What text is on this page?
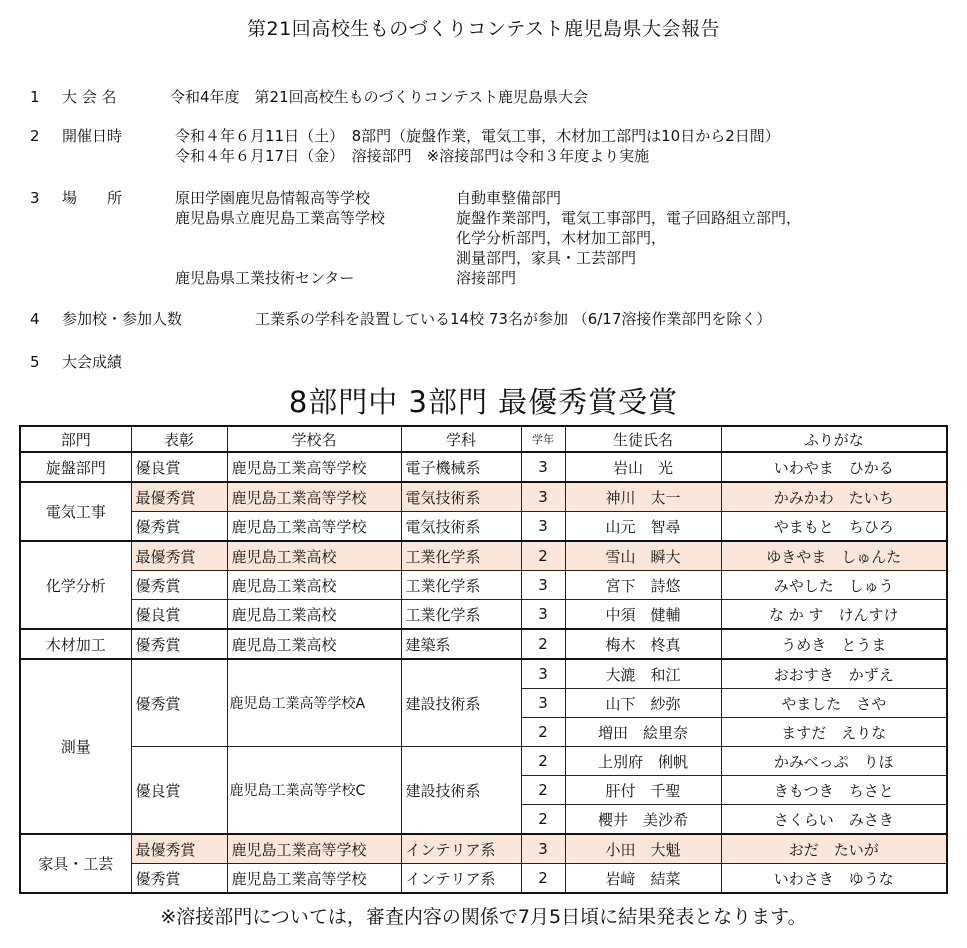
第21回高校生ものづくりコンテスト鹿児島県大会報告
1 大 会 名	令和4年度　第21回高校生ものづくりコンテスト鹿児島県大会
2 開催日時	令和４年６月11日（土）　8部門（旋盤作業，電気工事，木材加工部門は10日から2日間）
令和４年６月17日（金）　溶接部門　※溶接部門は令和３年度より実施
3 場　　所	原田学園鹿児島情報高等学校	自動車整備部門
鹿児島県立鹿児島工業高等学校	旋盤作業部門，電気工事部門，電子回路組立部門，
化学分析部門，木材加工部門，
測量部門，家具・工芸部門
鹿児島県工業技術センター	溶接部門
4 参加校・参加人数	工業系の学科を設置している14校 73名が参加 （6/17溶接作業部門を除く）
5 大会成績
8部門中 3部門 最優秀賞受賞
部門	表彰	学校名	学科	学年	生徒氏名	ふりがな
旋盤部門	優良賞	鹿児島工業高等学校	電子機械系	3	岩山　光	いわやま　ひかる
電気工事	最優秀賞	鹿児島工業高等学校	電気技術系	3	神川　太一	かみかわ　たいち
	優秀賞	鹿児島工業高等学校	電気技術系	3	山元　智尋	やまもと　ちひろ
化学分析	最優秀賞	鹿児島工業高校	工業化学系	2	雪山　瞬大	ゆきやま　しゅんた
	優秀賞	鹿児島工業高校	工業化学系	3	宮下　詩悠	みやした　しゅう
	優良賞	鹿児島工業高校	工業化学系	3	中須　健輔	な か す　けんすけ
木材加工	優秀賞	鹿児島工業高校	建築系	2	梅木　柊真	うめき　とうま
測量	優秀賞	鹿児島工業高等学校A	建設技術系	3	大漉　和江	おおすき　かずえ
				3	山下　紗弥	やました　さや
				2	増田　絵里奈	ますだ　えりな
	優良賞	鹿児島工業高等学校C	建設技術系	2	上別府　俐帆	かみべっぷ　りほ
				2	肝付　千聖	きもつき　ちさと
				2	櫻井　美沙希	さくらい　みさき
家具・工芸	最優秀賞	鹿児島工業高等学校	インテリア系	3	小田　大魁	おだ　たいが
	優秀賞	鹿児島工業高等学校	インテリア系	2	岩﨑　結菜	いわさき　ゆうな
※溶接部門については，審査内容の関係で7月5日頃に結果発表となります。
